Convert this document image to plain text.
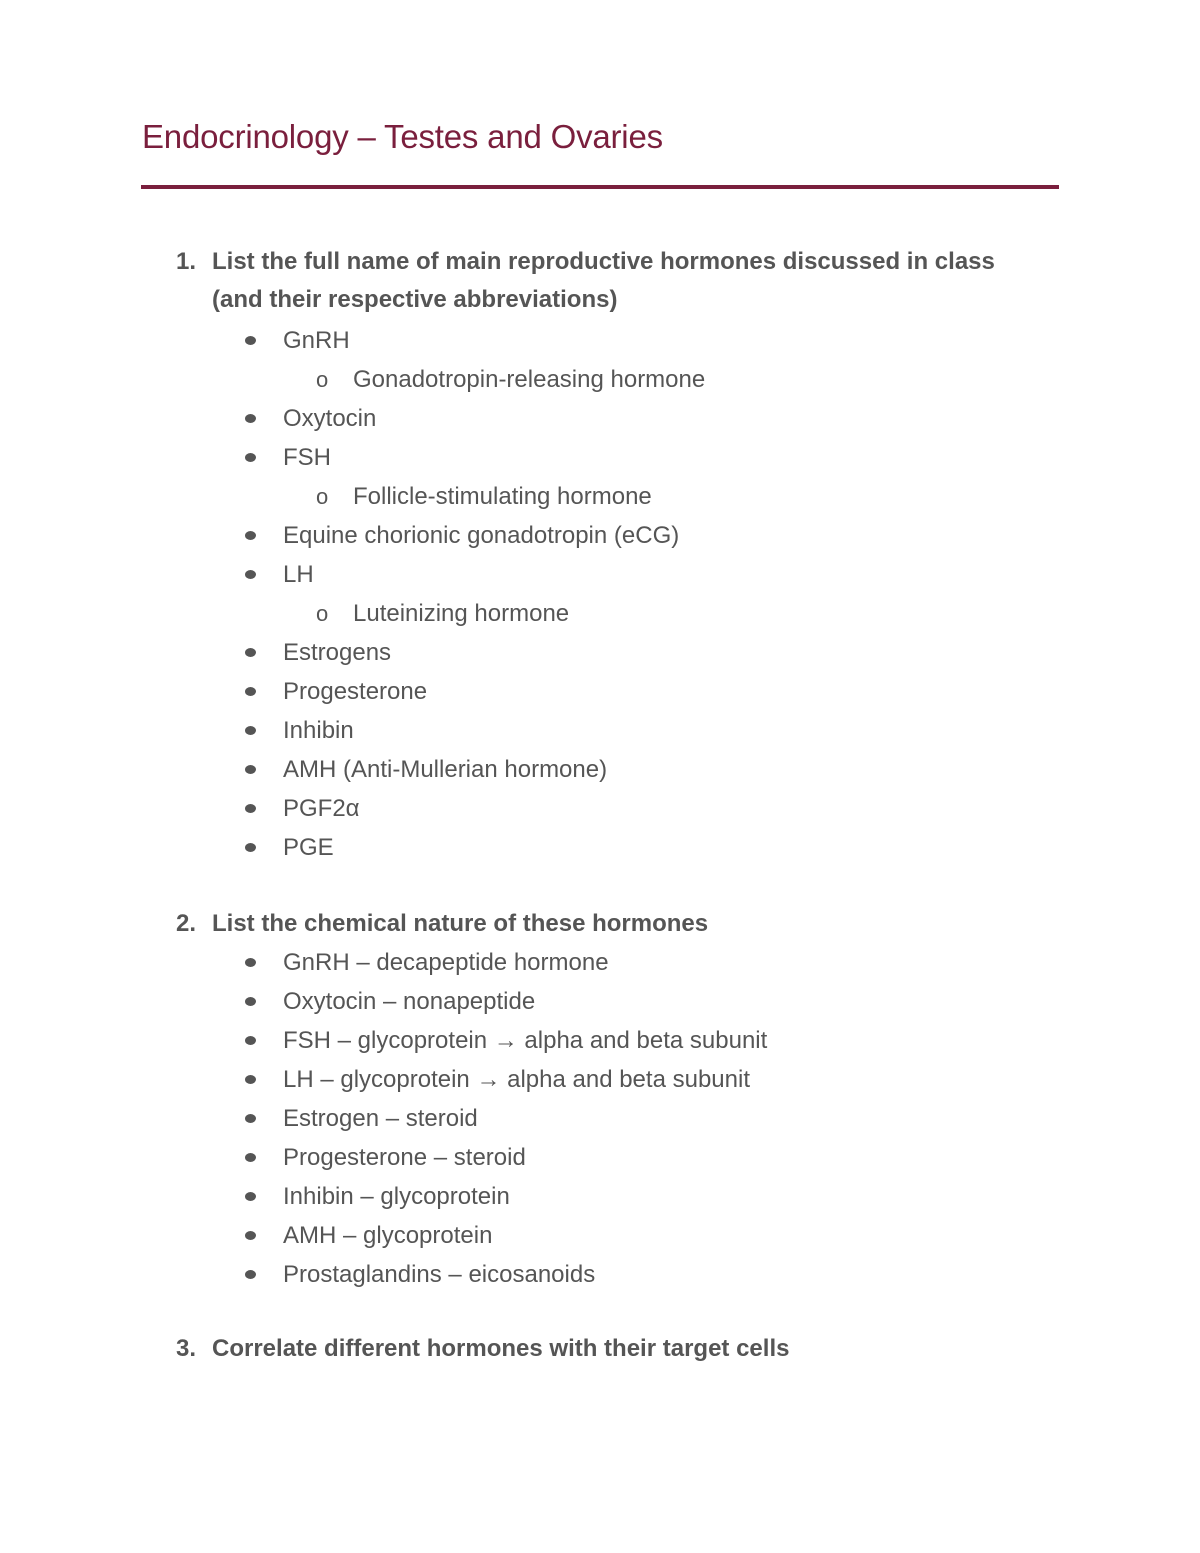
Endocrinology – Testes and Ovaries
1. List the full name of main reproductive hormones discussed in class
(and their respective abbreviations)
GnRH
o Gonadotropin-releasing hormone
Oxytocin
FSH
o Follicle-stimulating hormone
Equine chorionic gonadotropin (eCG)
LH
o Luteinizing hormone
Estrogens
Progesterone
Inhibin
AMH (Anti-Mullerian hormone)
PGF2α
PGE
2. List the chemical nature of these hormones
GnRH – decapeptide hormone
Oxytocin – nonapeptide
FSH – glycoprotein → alpha and beta subunit
LH – glycoprotein → alpha and beta subunit
Estrogen – steroid
Progesterone – steroid
Inhibin – glycoprotein
AMH – glycoprotein
Prostaglandins – eicosanoids
3. Correlate different hormones with their target cells
